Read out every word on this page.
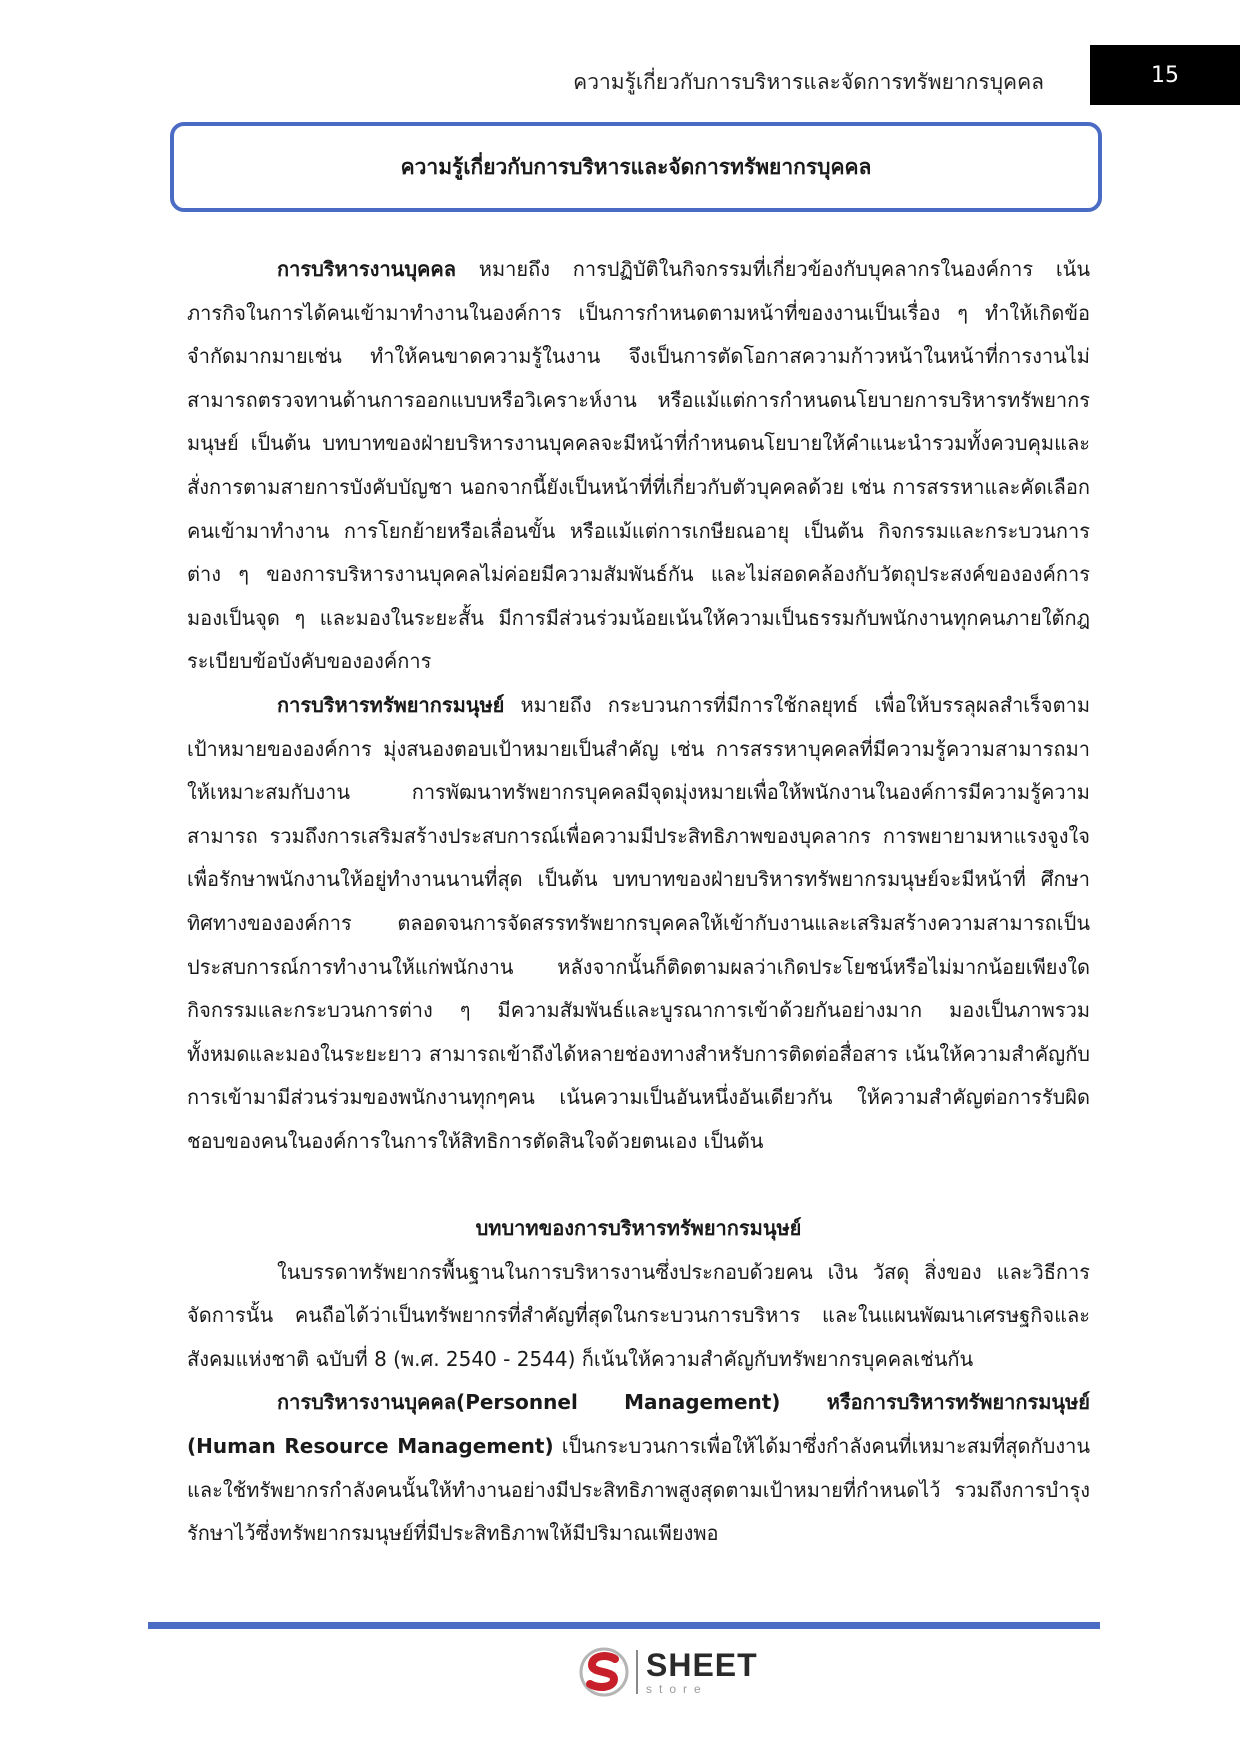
ความรู้เกี่ยวกับการบริหารและจัดการทรัพยากรบุคคล	15
ความรู้เกี่ยวกับการบริหารและจัดการทรัพยากรบุคคล

การบริหารงานบุคคล หมายถึง การปฏิบัติในกิจกรรมที่เกี่ยวข้องกับบุคลากรในองค์การ เน้นภารกิจในการได้คนเข้ามาทำงานในองค์การ เป็นการกำหนดตามหน้าที่ของงานเป็นเรื่อง ๆ ทำให้เกิดข้อจำกัดมากมายเช่น ทำให้คนขาดความรู้ในงาน จึงเป็นการตัดโอกาสความก้าวหน้าในหน้าที่การงานไม่สามารถตรวจทานด้านการออกแบบหรือวิเคราะห์งาน หรือแม้แต่การกำหนดนโยบายการบริหารทรัพยากรมนุษย์ เป็นต้น บทบาทของฝ่ายบริหารงานบุคคลจะมีหน้าที่กำหนดนโยบายให้คำแนะนำรวมทั้งควบคุมและสั่งการตามสายการบังคับบัญชา นอกจากนี้ยังเป็นหน้าที่ที่เกี่ยวกับตัวบุคคลด้วย เช่น การสรรหาและคัดเลือกคนเข้ามาทำงาน การโยกย้ายหรือเลื่อนขั้น หรือแม้แต่การเกษียณอายุ เป็นต้น กิจกรรมและกระบวนการต่าง ๆ ของการบริหารงานบุคคลไม่ค่อยมีความสัมพันธ์กัน และไม่สอดคล้องกับวัตถุประสงค์ขององค์การมองเป็นจุด ๆ และมองในระยะสั้น มีการมีส่วนร่วมน้อยเน้นให้ความเป็นธรรมกับพนักงานทุกคนภายใต้กฎระเบียบข้อบังคับขององค์การ

การบริหารทรัพยากรมนุษย์ หมายถึง กระบวนการที่มีการใช้กลยุทธ์ เพื่อให้บรรลุผลสำเร็จตามเป้าหมายขององค์การ มุ่งสนองตอบเป้าหมายเป็นสำคัญ เช่น การสรรหาบุคคลที่มีความรู้ความสามารถมาให้เหมาะสมกับงาน การพัฒนาทรัพยากรบุคคลมีจุดมุ่งหมายเพื่อให้พนักงานในองค์การมีความรู้ความสามารถ รวมถึงการเสริมสร้างประสบการณ์เพื่อความมีประสิทธิภาพของบุคลากร การพยายามหาแรงจูงใจเพื่อรักษาพนักงานให้อยู่ทำงานนานที่สุด เป็นต้น บทบาทของฝ่ายบริหารทรัพยากรมนุษย์จะมีหน้าที่ ศึกษาทิศทางขององค์การ ตลอดจนการจัดสรรทรัพยากรบุคคลให้เข้ากับงานและเสริมสร้างความสามารถเป็นประสบการณ์การทำงานให้แก่พนักงาน หลังจากนั้นก็ติดตามผลว่าเกิดประโยชน์หรือไม่มากน้อยเพียงใด กิจกรรมและกระบวนการต่าง ๆ มีความสัมพันธ์และบูรณาการเข้าด้วยกันอย่างมาก มองเป็นภาพรวมทั้งหมดและมองในระยะยาว สามารถเข้าถึงได้หลายช่องทางสำหรับการติดต่อสื่อสาร เน้นให้ความสำคัญกับการเข้ามามีส่วนร่วมของพนักงานทุกๆคน เน้นความเป็นอันหนึ่งอันเดียวกัน ให้ความสำคัญต่อการรับผิดชอบของคนในองค์การในการให้สิทธิการตัดสินใจด้วยตนเอง เป็นต้น

บทบาทของการบริหารทรัพยากรมนุษย์

ในบรรดาทรัพยากรพื้นฐานในการบริหารงานซึ่งประกอบด้วยคน เงิน วัสดุ สิ่งของ และวิธีการจัดการนั้น คนถือได้ว่าเป็นทรัพยากรที่สำคัญที่สุดในกระบวนการบริหาร และในแผนพัฒนาเศรษฐกิจและสังคมแห่งชาติ ฉบับที่ 8 (พ.ศ. 2540 - 2544) ก็เน้นให้ความสำคัญกับทรัพยากรบุคคลเช่นกัน

การบริหารงานบุคคล(Personnel Management) หรือการบริหารทรัพยากรมนุษย์ (Human Resource Management) เป็นกระบวนการเพื่อให้ได้มาซึ่งกำลังคนที่เหมาะสมที่สุดกับงานและใช้ทรัพยากรกำลังคนนั้นให้ทำงานอย่างมีประสิทธิภาพสูงสุดตามเป้าหมายที่กำหนดไว้ รวมถึงการบำรุงรักษาไว้ซึ่งทรัพยากรมนุษย์ที่มีประสิทธิภาพให้มีปริมาณเพียงพอ

SHEET
store
